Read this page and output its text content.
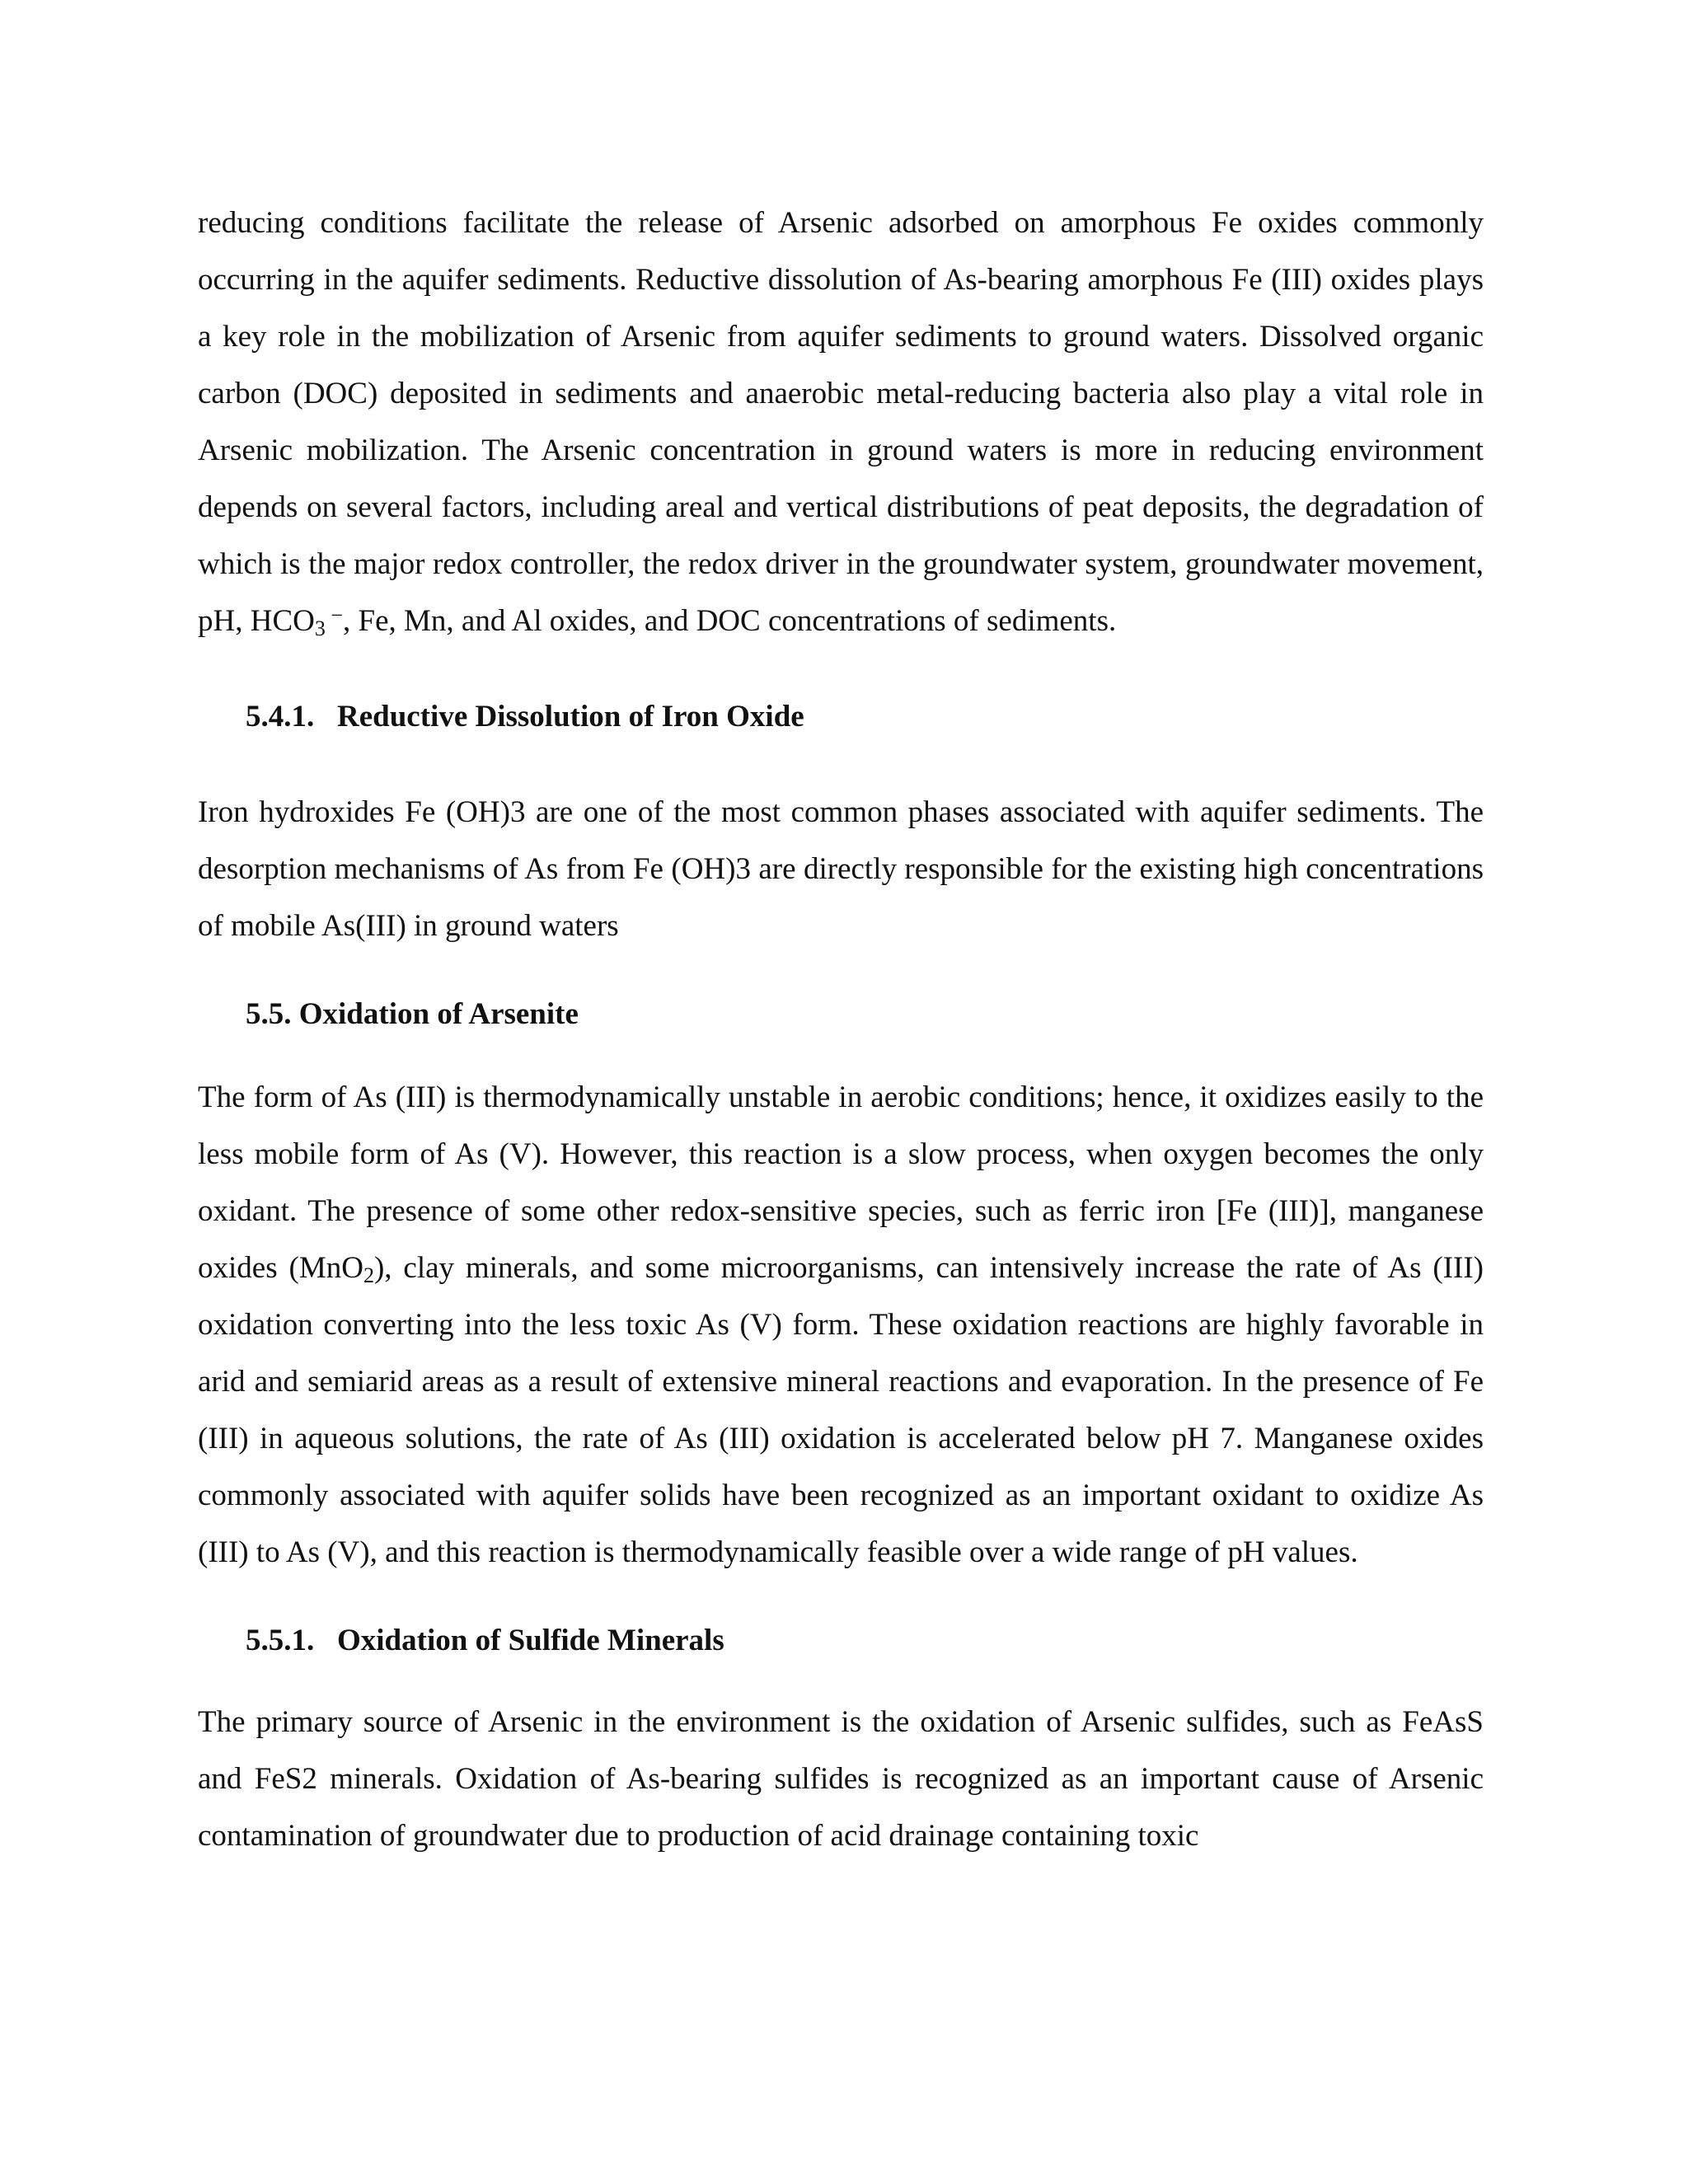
reducing conditions facilitate the release of Arsenic adsorbed on amorphous Fe oxides commonly occurring in the aquifer sediments. Reductive dissolution of As-bearing amorphous Fe (III) oxides plays a key role in the mobilization of Arsenic from aquifer sediments to ground waters. Dissolved organic carbon (DOC) deposited in sediments and anaerobic metal-reducing bacteria also play a vital role in Arsenic mobilization. The Arsenic concentration in ground waters is more in reducing environment depends on several factors, including areal and vertical distributions of peat deposits, the degradation of which is the major redox controller, the redox driver in the groundwater system, groundwater movement, pH, $HCO_3$ −, Fe, Mn, and Al oxides, and DOC concentrations of sediments.

5.4.1.   Reductive Dissolution of Iron Oxide

Iron hydroxides Fe (OH)3 are one of the most common phases associated with aquifer sediments. The desorption mechanisms of As from Fe (OH)3 are directly responsible for the existing high concentrations of mobile As(III) in ground waters

5.5. Oxidation of Arsenite

The form of As (III) is thermodynamically unstable in aerobic conditions; hence, it oxidizes easily to the less mobile form of As (V). However, this reaction is a slow process, when oxygen becomes the only oxidant. The presence of some other redox-sensitive species, such as ferric iron [Fe (III)], manganese oxides (MnO$_2$), clay minerals, and some microorganisms, can intensively increase the rate of As (III) oxidation converting into the less toxic As (V) form. These oxidation reactions are highly favorable in arid and semiarid areas as a result of extensive mineral reactions and evaporation. In the presence of Fe (III) in aqueous solutions, the rate of As (III) oxidation is accelerated below pH 7. Manganese oxides commonly associated with aquifer solids have been recognized as an important oxidant to oxidize As (III) to As (V), and this reaction is thermodynamically feasible over a wide range of pH values.

5.5.1.   Oxidation of Sulfide Minerals

The primary source of Arsenic in the environment is the oxidation of Arsenic sulfides, such as FeAsS and FeS2 minerals. Oxidation of As-bearing sulfides is recognized as an important cause of Arsenic contamination of groundwater due to production of acid drainage containing toxic
